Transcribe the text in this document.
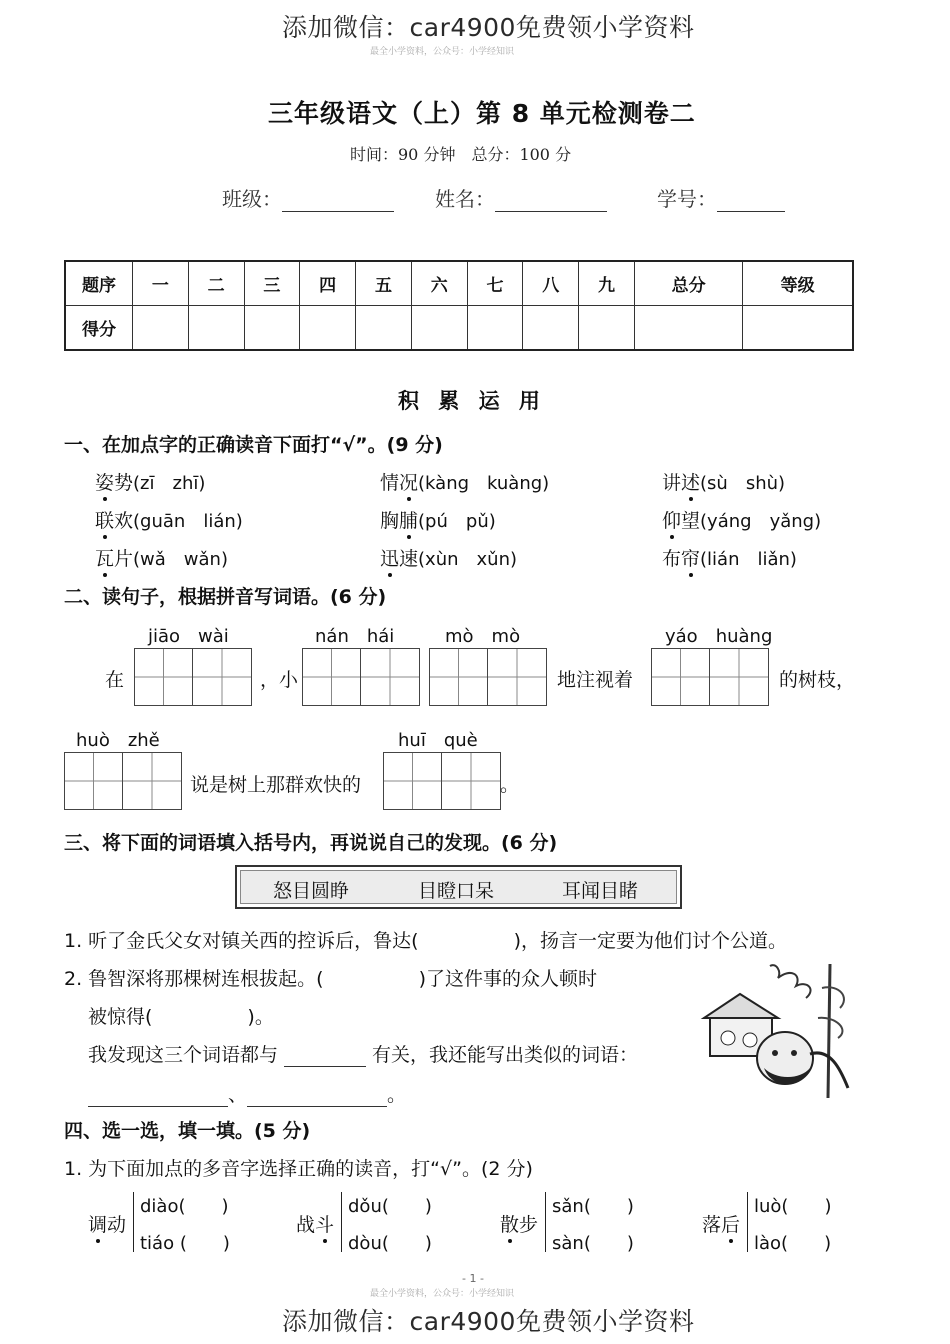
添加微信：car4900免费领小学资料
最全小学资料，公众号：小学经知识
三年级语文（上）第 8 单元检测卷二
时间：90 分钟　总分：100 分
班级：	姓名：	学号：
题序	一	二	三	四	五	六	七	八	九	总分	等级
得分											
积 累 运 用
一、在加点字的正确读音下面打“√”。(9 分)
姿势(zī　zhī)	情况(kàng　kuàng)	讲述(sù　shù)
联欢(guān　lián)	胸脯(pú　pǔ)	仰望(yáng　yǎng)
瓦片(wǎ　wǎn)	迅速(xùn　xǔn)	布帘(lián　liǎn)
二、读句子，根据拼音写词语。(6 分)
jiāo　wài	nán　hái	mò　mò	yáo　huàng
在	，小	地注视着	的树枝，
huò　zhě	huī　què
说是树上那群欢快的	。
三、将下面的词语填入括号内，再说说自己的发现。(6 分)
怒目圆睁	目瞪口呆	耳闻目睹
1. 听了金氏父女对镇关西的控诉后，鲁达(　　　　　)，扬言一定要为他们讨个公道。
2. 鲁智深将那棵树连根拔起。(　　　　　)了这件事的众人顿时
被惊得(　　　　　)。
我发现这三个词语都与	有关，我还能写出类似的词语：
、	。
四、选一选，填一填。(5 分)
1. 为下面加点的多音字选择正确的读音，打“√”。(2 分)
调动
diào(　　)
tiáo (　　)
战斗
dǒu(　　)
dòu(　　)
散步
sǎn(　　)
sàn(　　)
落后
luò(　　)
lào(　　)
- 1 -
最全小学资料，公众号：小学经知识
添加微信：car4900免费领小学资料
